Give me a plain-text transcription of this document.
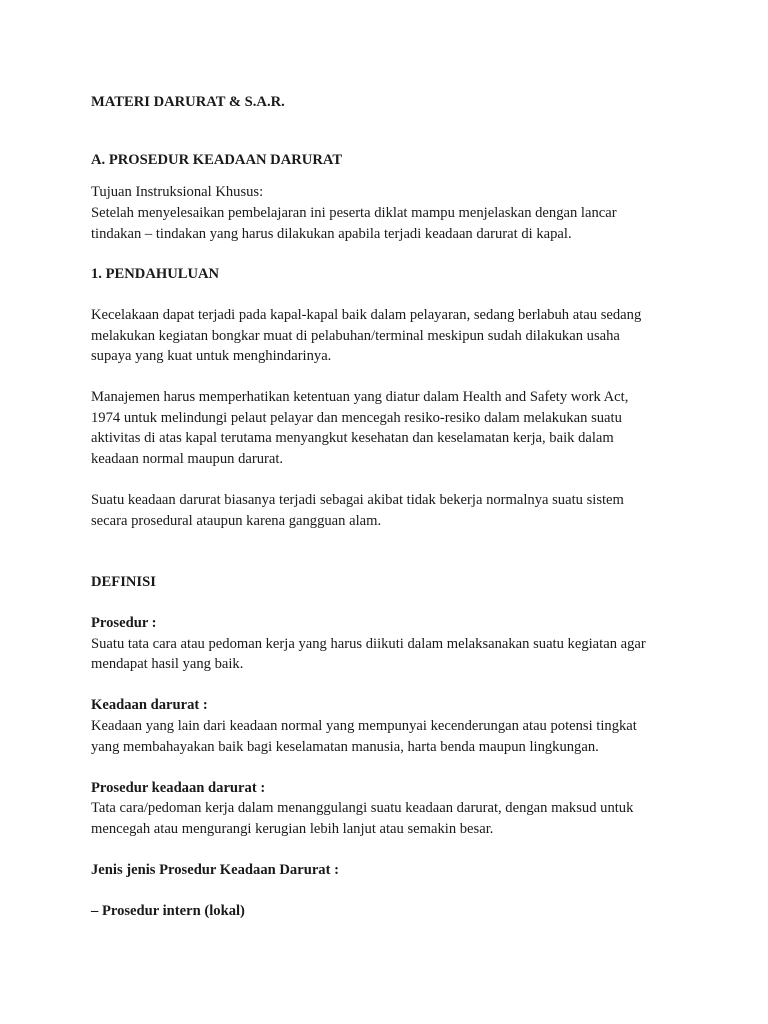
MATERI DARURAT & S.A.R.
A. PROSEDUR KEADAAN DARURAT
Tujuan Instruksional Khusus:
Setelah menyelesaikan pembelajaran ini peserta diklat mampu menjelaskan dengan lancar
tindakan – tindakan yang harus dilakukan apabila terjadi keadaan darurat di kapal.
1. PENDAHULUAN
Kecelakaan dapat terjadi pada kapal-kapal baik dalam pelayaran, sedang berlabuh atau sedang
melakukan kegiatan bongkar muat di pelabuhan/terminal meskipun sudah dilakukan usaha
supaya yang kuat untuk menghindarinya.
Manajemen harus memperhatikan ketentuan yang diatur dalam Health and Safety work Act,
1974 untuk melindungi pelaut pelayar dan mencegah resiko-resiko dalam melakukan suatu
aktivitas di atas kapal terutama menyangkut kesehatan dan keselamatan kerja, baik dalam
keadaan normal maupun darurat.
Suatu keadaan darurat biasanya terjadi sebagai akibat tidak bekerja normalnya suatu sistem
secara prosedural ataupun karena gangguan alam.
DEFINISI
Prosedur :
Suatu tata cara atau pedoman kerja yang harus diikuti dalam melaksanakan suatu kegiatan agar
mendapat hasil yang baik.
Keadaan darurat :
Keadaan yang lain dari keadaan normal yang mempunyai kecenderungan atau potensi tingkat
yang membahayakan baik bagi keselamatan manusia, harta benda maupun lingkungan.
Prosedur keadaan darurat :
Tata cara/pedoman kerja dalam menanggulangi suatu keadaan darurat, dengan maksud untuk
mencegah atau mengurangi kerugian lebih lanjut atau semakin besar.
Jenis jenis Prosedur Keadaan Darurat :
– Prosedur intern (lokal)
